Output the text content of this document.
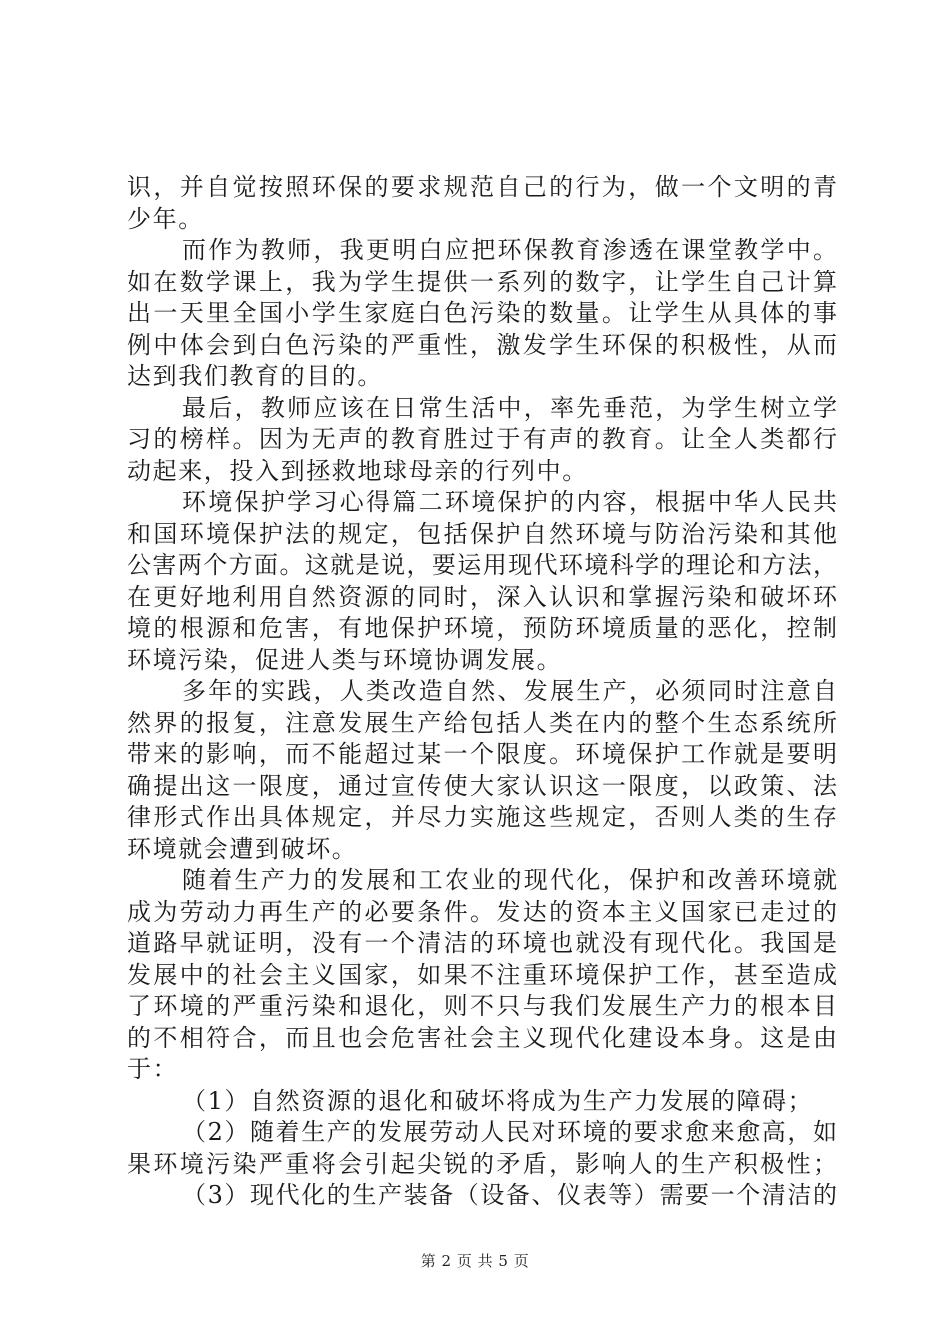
识，并自觉按照环保的要求规范自己的行为，做一个文明的青
少年。
而作为教师，我更明白应把环保教育渗透在课堂教学中。
如在数学课上，我为学生提供一系列的数字，让学生自己计算
出一天里全国小学生家庭白色污染的数量。让学生从具体的事
例中体会到白色污染的严重性，激发学生环保的积极性，从而
达到我们教育的目的。
最后，教师应该在日常生活中，率先垂范，为学生树立学
习的榜样。因为无声的教育胜过于有声的教育。让全人类都行
动起来，投入到拯救地球母亲的行列中。
环境保护学习心得篇二环境保护的内容，根据中华人民共
和国环境保护法的规定，包括保护自然环境与防治污染和其他
公害两个方面。这就是说，要运用现代环境科学的理论和方法，
在更好地利用自然资源的同时，深入认识和掌握污染和破坏环
境的根源和危害，有地保护环境，预防环境质量的恶化，控制
环境污染，促进人类与环境协调发展。
多年的实践，人类改造自然、发展生产，必须同时注意自
然界的报复，注意发展生产给包括人类在内的整个生态系统所
带来的影响，而不能超过某一个限度。环境保护工作就是要明
确提出这一限度，通过宣传使大家认识这一限度，以政策、法
律形式作出具体规定，并尽力实施这些规定，否则人类的生存
环境就会遭到破坏。
随着生产力的发展和工农业的现代化，保护和改善环境就
成为劳动力再生产的必要条件。发达的资本主义国家已走过的
道路早就证明，没有一个清洁的环境也就没有现代化。我国是
发展中的社会主义国家，如果不注重环境保护工作，甚至造成
了环境的严重污染和退化，则不只与我们发展生产力的根本目
的不相符合，而且也会危害社会主义现代化建设本身。这是由
于：
（1）自然资源的退化和破坏将成为生产力发展的障碍；
（2）随着生产的发展劳动人民对环境的要求愈来愈高，如
果环境污染严重将会引起尖锐的矛盾，影响人的生产积极性；
（3）现代化的生产装备（设备、仪表等）需要一个清洁的
第 2 页 共 5 页
